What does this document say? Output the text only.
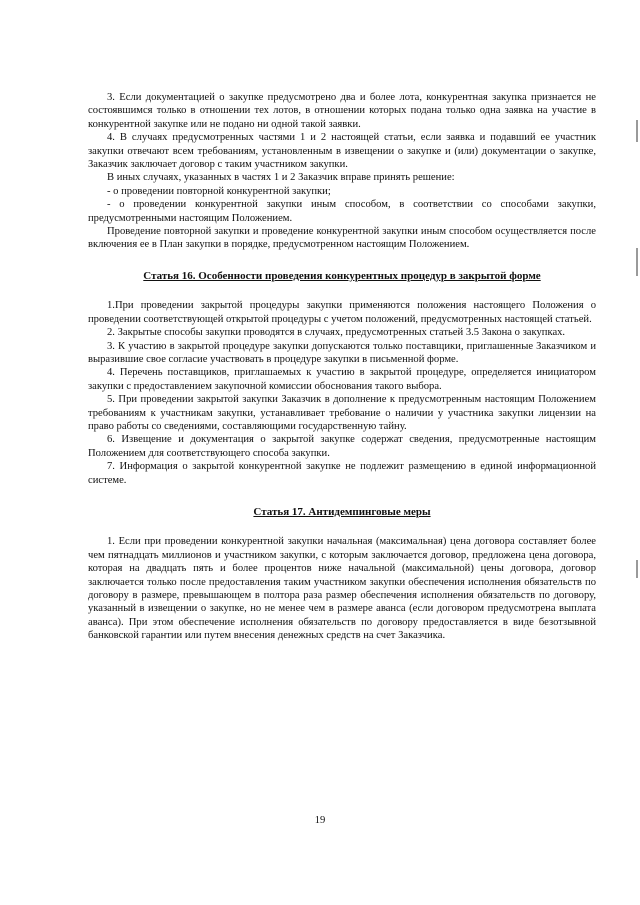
3. Если документацией о закупке предусмотрено два и более лота, конкурентная закупка признается не состоявшимся только в отношении тех лотов, в отношении которых подана только одна заявка на участие в конкурентной закупке или не подано ни одной такой заявки.

4. В случаях предусмотренных частями 1 и 2 настоящей статьи, если заявка и подавший ее участник закупки отвечают всем требованиям, установленным в извещении о закупке и (или) документации о закупке, Заказчик заключает договор с таким участником закупки.

В иных случаях, указанных в частях 1 и 2 Заказчик вправе принять решение:

- о проведении повторной конкурентной закупки;

- о проведении конкурентной закупки иным способом, в соответствии со способами закупки, предусмотренными настоящим Положением.

Проведение повторной закупки и проведение конкурентной закупки иным способом осуществляется после включения ее в План закупки в порядке, предусмотренном настоящим Положением.

Статья 16. Особенности проведения конкурентных процедур в закрытой форме

1.При проведении закрытой процедуры закупки применяются положения настоящего Положения о проведении соответствующей открытой процедуры с учетом положений, предусмотренных настоящей статьей.

2. Закрытые способы закупки проводятся в случаях, предусмотренных статьей 3.5 Закона о закупках.

3. К участию в закрытой процедуре закупки допускаются только поставщики, приглашенные Заказчиком и выразившие свое согласие участвовать в процедуре закупки в письменной форме.

4. Перечень поставщиков, приглашаемых к участию в закрытой процедуре, определяется инициатором закупки с предоставлением закупочной комиссии обоснования такого выбора.

5. При проведении закрытой закупки Заказчик в дополнение к предусмотренным настоящим Положением требованиям к участникам закупки, устанавливает требование о наличии у участника закупки лицензии на право работы со сведениями, составляющими государственную тайну.

6. Извещение и документация о закрытой закупке содержат сведения, предусмотренные настоящим Положением для соответствующего способа закупки.

7. Информация о закрытой конкурентной закупке не подлежит размещению в единой информационной системе.

Статья 17. Антидемпинговые меры

1. Если при проведении конкурентной закупки начальная (максимальная) цена договора составляет более чем пятнадцать миллионов и участником закупки, с которым заключается договор, предложена цена договора, которая на двадцать пять и более процентов ниже начальной (максимальной) цены договора, договор заключается только после предоставления таким участником закупки обеспечения исполнения обязательств по договору в размере, превышающем в полтора раза размер обеспечения исполнения обязательств по договору, указанный в извещении о закупке, но не менее чем в размере аванса (если договором предусмотрена выплата аванса). При этом обеспечение исполнения обязательств по договору предоставляется в виде безотзывной банковской гарантии или путем внесения денежных средств на счет Заказчика.

19
